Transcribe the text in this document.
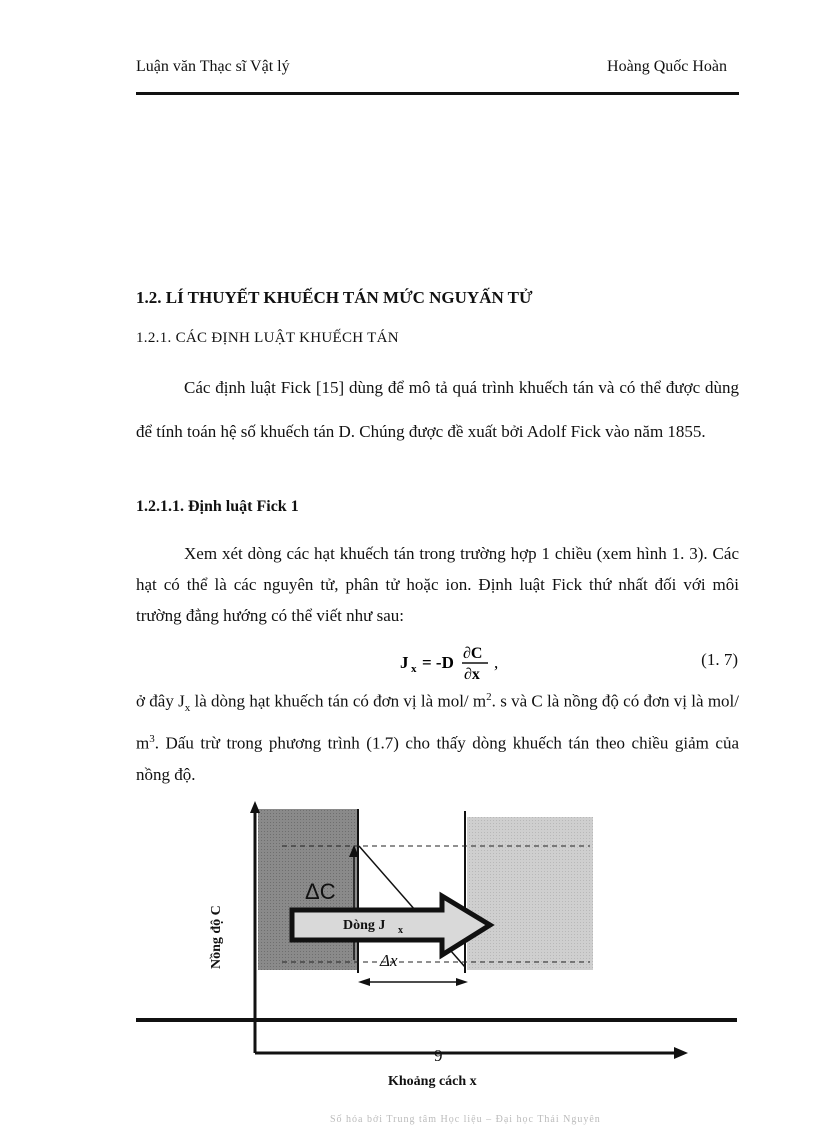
Luận văn Thạc sĩ Vật lý	Hoàng Quốc Hoàn
1.2. LÍ THUYẾT KHUẾCH TÁN MỨC NGUYẤN TỬ
1.2.1. CÁC ĐỊNH LUẬT KHUẾCH TÁN
Các định luật Fick [15] dùng để mô tả quá trình khuếch tán và có thể được dùng để tính toán hệ số khuếch tán D. Chúng được đề xuất bởi Adolf Fick vào năm 1855.
1.2.1.1. Định luật Fick 1
Xem xét dòng các hạt khuếch tán trong trường hợp 1 chiều (xem hình 1. 3). Các hạt có thể là các nguyên tử, phân tử hoặc ion. Định luật Fick thứ nhất đối với môi trường đẳng hướng có thể viết như sau:
J x = -D ∂C
∂x
,	(1. 7)
ở đây $J_x$ là dòng hạt khuếch tán có đơn vị là mol/ $m^2$. s và C là nồng độ có đơn vị là mol/ $m^3$. Dấu trừ trong phương trình (1.7) cho thấy dòng khuếch tán theo chiều giảm của nồng độ.
ΔC
Dòng J x
Δx
Nồng độ C
Khoảng cách x
9
Số hóa bởi Trung tâm Học liệu – Đại học Thái Nguyên
